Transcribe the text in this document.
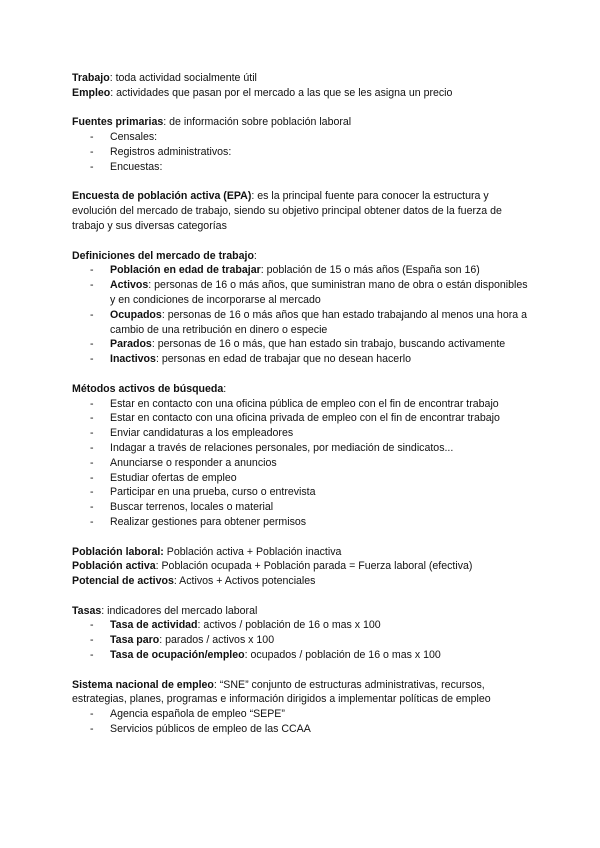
Trabajo: toda actividad socialmente útil

Empleo: actividades que pasan por el mercado a las que se les asigna un precio

Fuentes primarias: de información sobre población laboral

- Censales:
- Registros administrativos:
- Encuestas:

Encuesta de población activa (EPA): es la principal fuente para conocer la estructura y evolución del mercado de trabajo, siendo su objetivo principal obtener datos de la fuerza de trabajo y sus diversas categorías

Definiciones del mercado de trabajo:

- Población en edad de trabajar: población de 15 o más años (España son 16)
- Activos: personas de 16 o más años, que suministran mano de obra o están disponibles y en condiciones de incorporarse al mercado
- Ocupados: personas de 16 o más años que han estado trabajando al menos una hora a cambio de una retribución en dinero o especie
- Parados: personas de 16 o más, que han estado sin trabajo, buscando activamente
- Inactivos: personas en edad de trabajar que no desean hacerlo

Métodos activos de búsqueda:

- Estar en contacto con una oficina pública de empleo con el fin de encontrar trabajo
- Estar en contacto con una oficina privada de empleo con el fin de encontrar trabajo
- Enviar candidaturas a los empleadores
- Indagar a través de relaciones personales, por mediación de sindicatos...
- Anunciarse o responder a anuncios
- Estudiar ofertas de empleo
- Participar en una prueba, curso o entrevista
- Buscar terrenos, locales o material
- Realizar gestiones para obtener permisos

Población laboral: Población activa + Población inactiva

Población activa: Población ocupada + Población parada = Fuerza laboral (efectiva)

Potencial de activos: Activos + Activos potenciales

Tasas: indicadores del mercado laboral

- Tasa de actividad: activos / población de 16 o mas x 100
- Tasa paro: parados / activos x 100
- Tasa de ocupación/empleo: ocupados / población de 16 o mas x 100

Sistema nacional de empleo: “SNE” conjunto de estructuras administrativas, recursos, estrategias, planes, programas e información dirigidos a implementar políticas de empleo

- Agencia española de empleo “SEPE”
- Servicios públicos de empleo de las CCAA
